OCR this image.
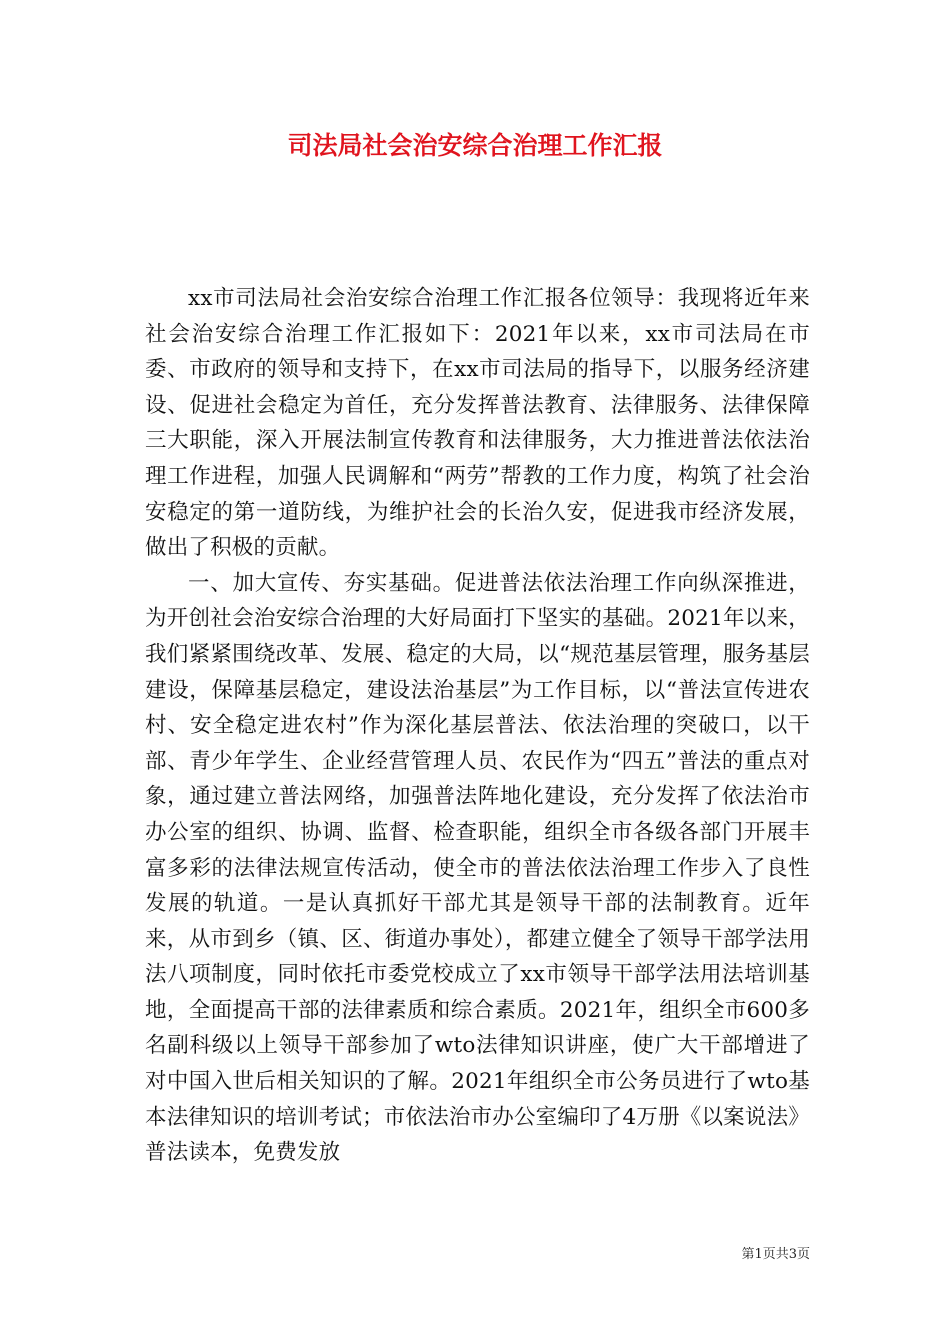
司法局社会治安综合治理工作汇报

xx市司法局社会治安综合治理工作汇报各位领导：我现将近年来社会治安综合治理工作汇报如下：2021年以来，xx市司法局在市委、市政府的领导和支持下，在xx市司法局的指导下，以服务经济建设、促进社会稳定为首任，充分发挥普法教育、法律服务、法律保障三大职能，深入开展法制宣传教育和法律服务，大力推进普法依法治理工作进程，加强人民调解和“两劳”帮教的工作力度，构筑了社会治安稳定的第一道防线，为维护社会的长治久安，促进我市经济发展，做出了积极的贡献。

一、加大宣传、夯实基础。促进普法依法治理工作向纵深推进，为开创社会治安综合治理的大好局面打下坚实的基础。2021年以来，我们紧紧围绕改革、发展、稳定的大局，以“规范基层管理，服务基层建设，保障基层稳定，建设法治基层”为工作目标，以“普法宣传进农村、安全稳定进农村”作为深化基层普法、依法治理的突破口，以干部、青少年学生、企业经营管理人员、农民作为“四五”普法的重点对象，通过建立普法网络，加强普法阵地化建设，充分发挥了依法治市办公室的组织、协调、监督、检查职能，组织全市各级各部门开展丰富多彩的法律法规宣传活动，使全市的普法依法治理工作步入了良性发展的轨道。一是认真抓好干部尤其是领导干部的法制教育。近年来，从市到乡（镇、区、街道办事处），都建立健全了领导干部学法用法八项制度，同时依托市委党校成立了xx市领导干部学法用法培训基地，全面提高干部的法律素质和综合素质。2021年，组织全市600多名副科级以上领导干部参加了wto法律知识讲座，使广大干部增进了对中国入世后相关知识的了解。2021年组织全市公务员进行了wto基本法律知识的培训考试；市依法治市办公室编印了4万册《以案说法》普法读本，免费发放

第1页共3页
